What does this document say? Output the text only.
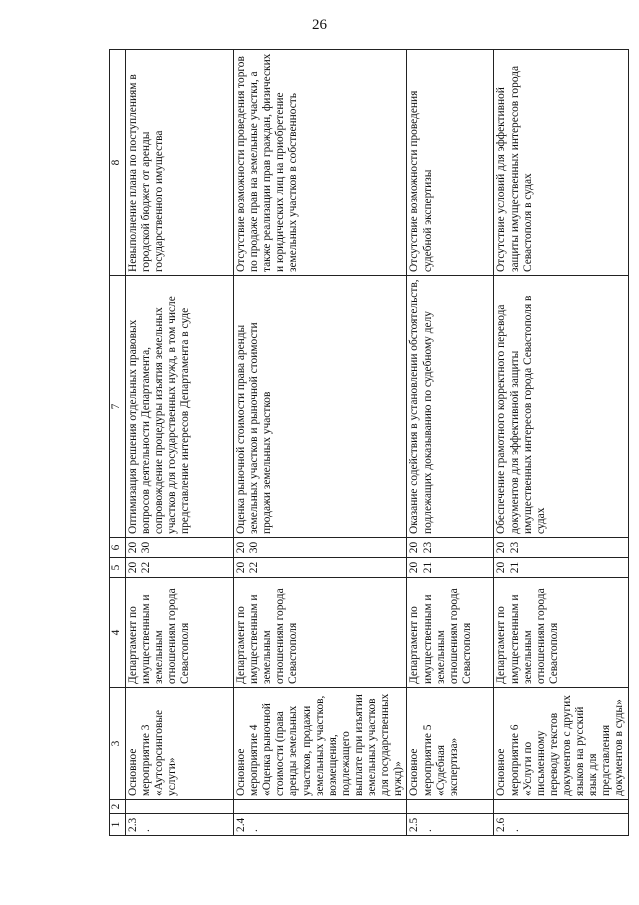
26
1	2	3	4	5	6	7	8
2.3.		Основное мероприятие 3 «Аутсорсинговые услуги»	Департамент по имущественным и земельным отношениям города Севастополя	2022	2030	Оптимизация решения отдельных правовых вопросов деятельности Департамента, сопровождение процедуры изъятия земельных участков для государственных нужд, в том числе представление интересов Департамента в суде	Невыполнение плана по поступлениям в городской бюджет от аренды государственного имущества
2.4.		Основное мероприятие 4 «Оценка рыночной стоимости (права аренды земельных участков, продажи земельных участков, возмещения, подлежащего выплате при изъятии земельных участков для государственных нужд)»	Департамент по имущественным и земельным отношениям города Севастополя	2022	2030	Оценка рыночной стоимости права аренды земельных участков и рыночной стоимости продажи земельных участков	Отсутствие возможности проведения торгов по продаже прав на земельные участки, а также реализации прав граждан, физических и юридических лиц на приобретение земельных участков в собственность
2.5.		Основное мероприятие 5 «Судебная экспертиза»	Департамент по имущественным и земельным отношениям города Севастополя	2021	2023	Оказание содействия в установлении обстоятельств, подлежащих доказыванию по судебному делу	Отсутствие возможности проведения судебной экспертизы
2.6.		Основное мероприятие 6 «Услуги по письменному переводу текстов документов с других языков на русский язык для представления документов в суды»	Департамент по имущественным и земельным отношениям города Севастополя	2021	2023	Обеспечение грамотного корректного перевода документов для эффективной защиты имущественных интересов города Севастополя в судах	Отсутствие условий для эффективной защиты имущественных интересов города Севастополя в судах
